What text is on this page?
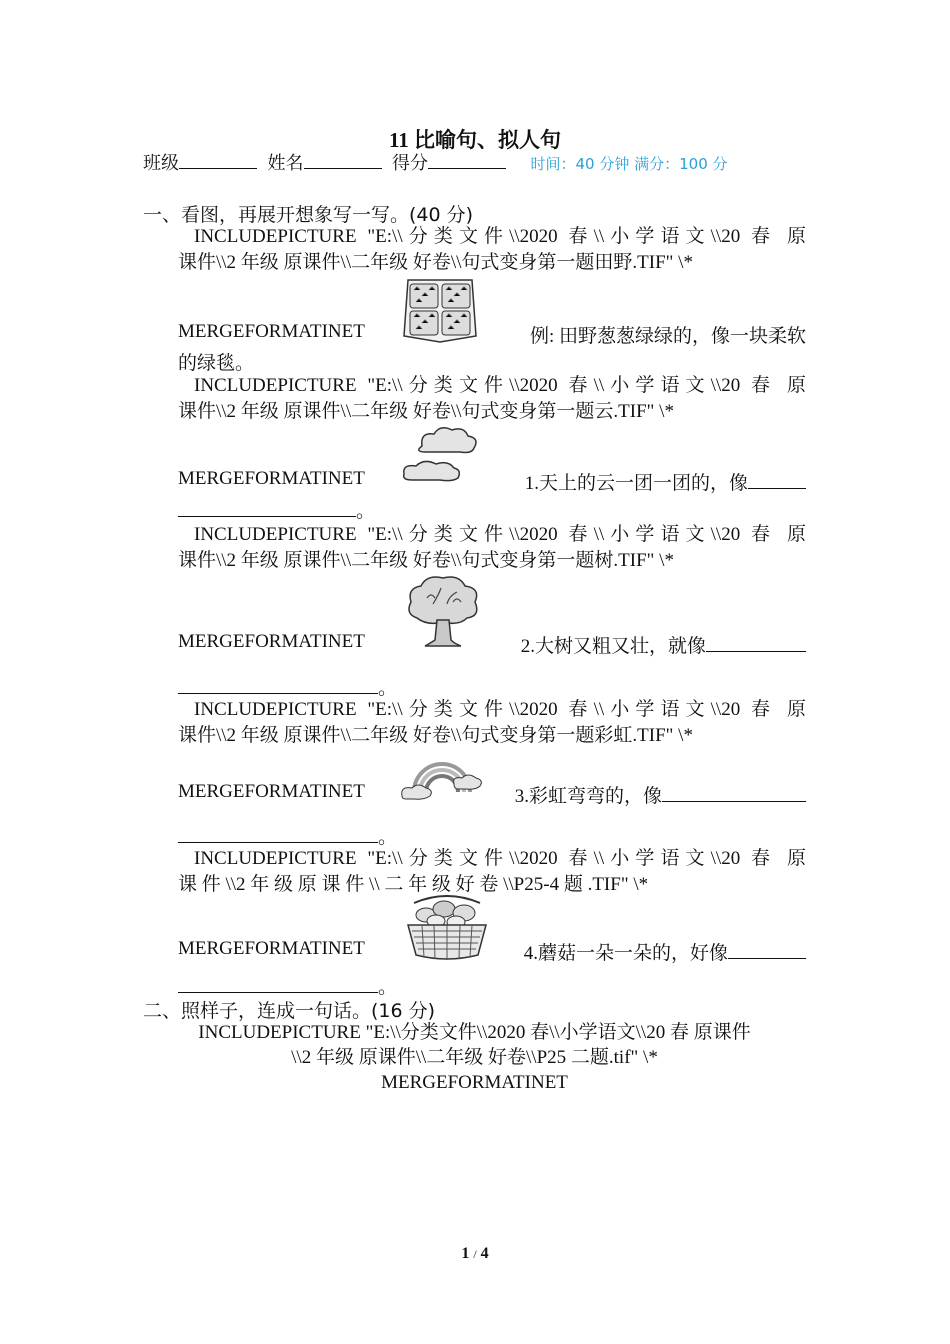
11 比喻句、拟人句
班级	姓名	得分	时间：40 分钟 满分：100 分
一、看图，再展开想象写一写。(40 分)
INCLUDEPICTURE "E:\\分类文件\\2020 春\\小学语文\\20 春 原
课件\\2 年级 原课件\\二年级 好卷\\句式变身第一题田野.TIF" \*
MERGEFORMATINET	例: 田野葱葱绿绿的，像一块柔软
的绿毯。
INCLUDEPICTURE "E:\\分类文件\\2020 春\\小学语文\\20 春 原
课件\\2 年级 原课件\\二年级 好卷\\句式变身第一题云.TIF" \*
MERGEFORMATINET	1.天上的云一团一团的，像
。
INCLUDEPICTURE "E:\\分类文件\\2020 春\\小学语文\\20 春 原
课件\\2 年级 原课件\\二年级 好卷\\句式变身第一题树.TIF" \*
MERGEFORMATINET	2.大树又粗又壮，就像
。
INCLUDEPICTURE "E:\\分类文件\\2020 春\\小学语文\\20 春 原
课件\\2 年级 原课件\\二年级 好卷\\句式变身第一题彩虹.TIF" \*
MERGEFORMATINET	3.彩虹弯弯的，像
。
INCLUDEPICTURE "E:\\分类文件\\2020 春\\小学语文\\20 春 原
课 件 \\2 年 级 原 课 件 \\ 二 年 级 好 卷 \\P25-4 题 .TIF" \*
MERGEFORMATINET	4.蘑菇一朵一朵的，好像
。
二、照样子，连成一句话。(16 分)
INCLUDEPICTURE "E:\\分类文件\\2020 春\\小学语文\\20 春 原课件
\\2 年级 原课件\\二年级 好卷\\P25 二题.tif" \*
MERGEFORMATINET
1 / 4
